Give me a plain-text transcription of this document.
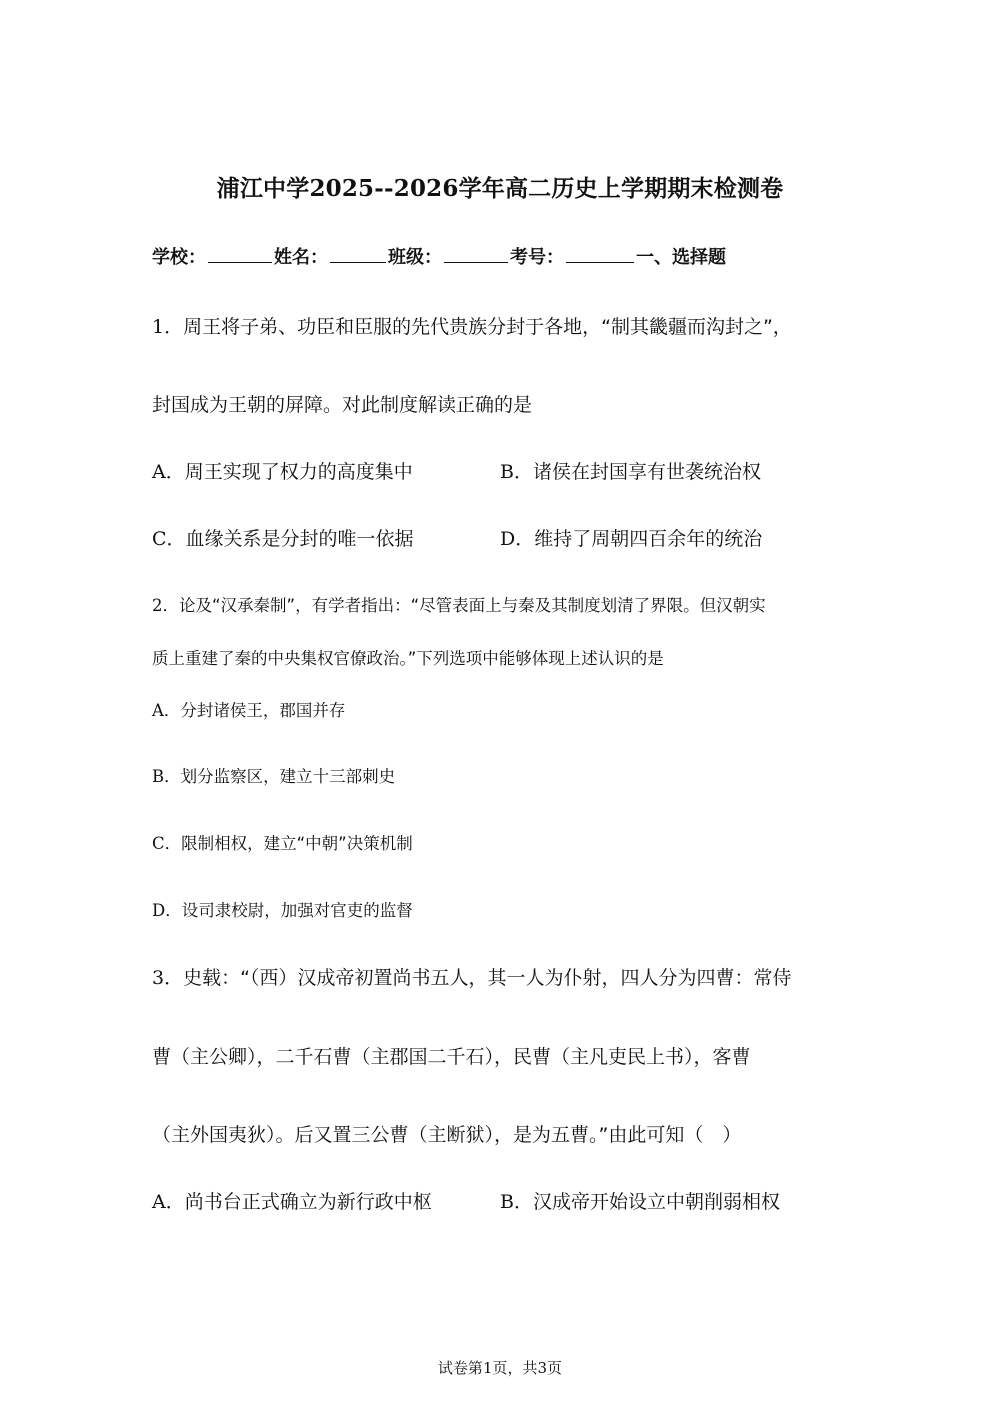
浦江中学2025--2026学年高二历史上学期期末检测卷
学校：	姓名：	班级：	考号：	一、选择题
1．周王将子弟、功臣和臣服的先代贵族分封于各地，“制其畿疆而沟封之”，
封国成为王朝的屏障。对此制度解读正确的是
A．周王实现了权力的高度集中	B．诸侯在封国享有世袭统治权
C．血缘关系是分封的唯一依据	D．维持了周朝四百余年的统治
2．论及“汉承秦制”，有学者指出：“尽管表面上与秦及其制度划清了界限。但汉朝实
质上重建了秦的中央集权官僚政治。”下列选项中能够体现上述认识的是
A．分封诸侯王，郡国并存
B．划分监察区，建立十三部刺史
C．限制相权，建立“中朝”决策机制
D．设司隶校尉，加强对官吏的监督
3．史载：“（西）汉成帝初置尚书五人，其一人为仆射，四人分为四曹：常侍
曹（主公卿），二千石曹（主郡国二千石），民曹（主凡吏民上书），客曹
（主外国夷狄）。后又置三公曹（主断狱），是为五曹。”由此可知（　）
A．尚书台正式确立为新行政中枢	B．汉成帝开始设立中朝削弱相权
试卷第1页，共3页
